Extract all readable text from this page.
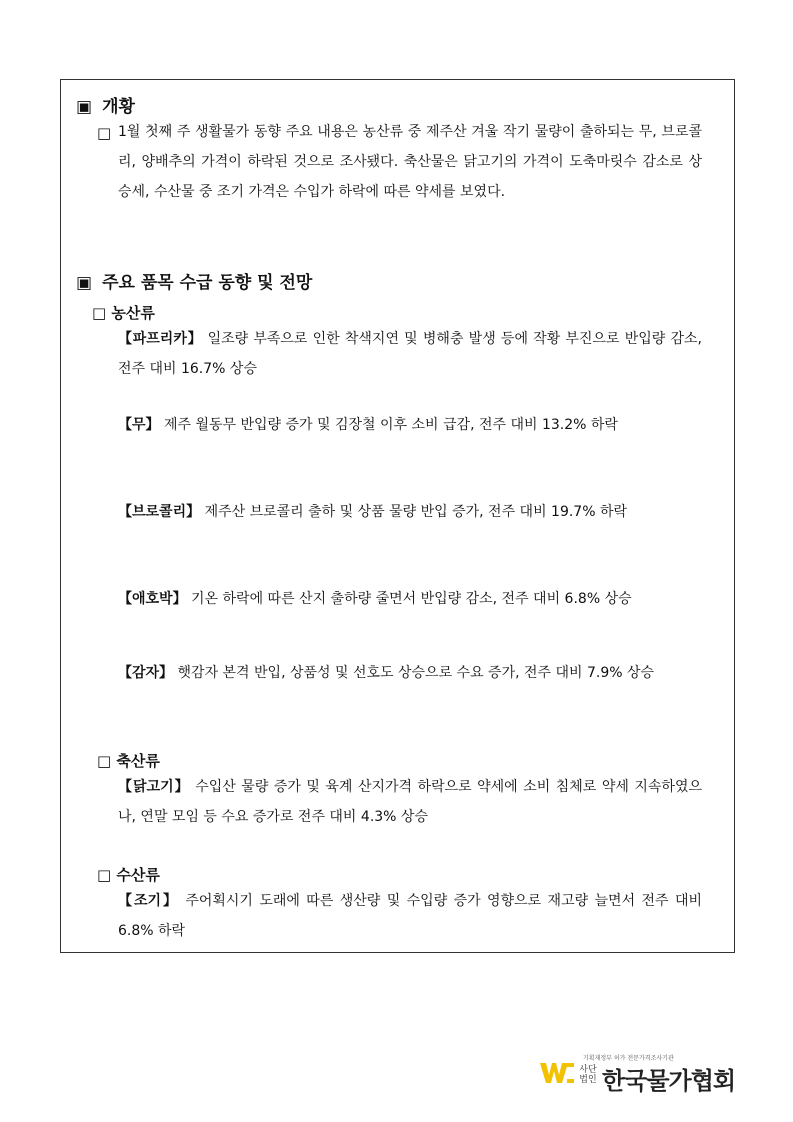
▣ 개황
□ 1월 첫째 주 생활물가 동향 주요 내용은 농산류 중 제주산 겨울 작기 물량이 출하되는 무, 브로콜리, 양배추의 가격이 하락된 것으로 조사됐다. 축산물은 닭고기의 가격이 도축마릿수 감소로 상승세, 수산물 중 조기 가격은 수입가 하락에 따른 약세를 보였다.
▣ 주요 품목 수급 동향 및 전망
□ 농산류
【파프리카】 일조량 부족으로 인한 착색지연 및 병해충 발생 등에 작황 부진으로 반입량 감소, 전주 대비 16.7% 상승
【무】 제주 월동무 반입량 증가 및 김장철 이후 소비 급감, 전주 대비 13.2% 하락
【브로콜리】 제주산 브로콜리 출하 및 상품 물량 반입 증가, 전주 대비 19.7% 하락
【애호박】 기온 하락에 따른 산지 출하량 줄면서 반입량 감소, 전주 대비 6.8% 상승
【감자】 햇감자 본격 반입, 상품성 및 선호도 상승으로 수요 증가, 전주 대비 7.9% 상승
□ 축산류
【닭고기】 수입산 물량 증가 및 육계 산지가격 하락으로 약세에 소비 침체로 약세 지속하였으나, 연말 모임 등 수요 증가로 전주 대비 4.3% 상승
□ 수산류
【조기】 주어획시기 도래에 따른 생산량 및 수입량 증가 영향으로 재고량 늘면서 전주 대비 6.8% 하락
기획재정부 허가 전문가격조사기관
사단법인 한국물가협회
